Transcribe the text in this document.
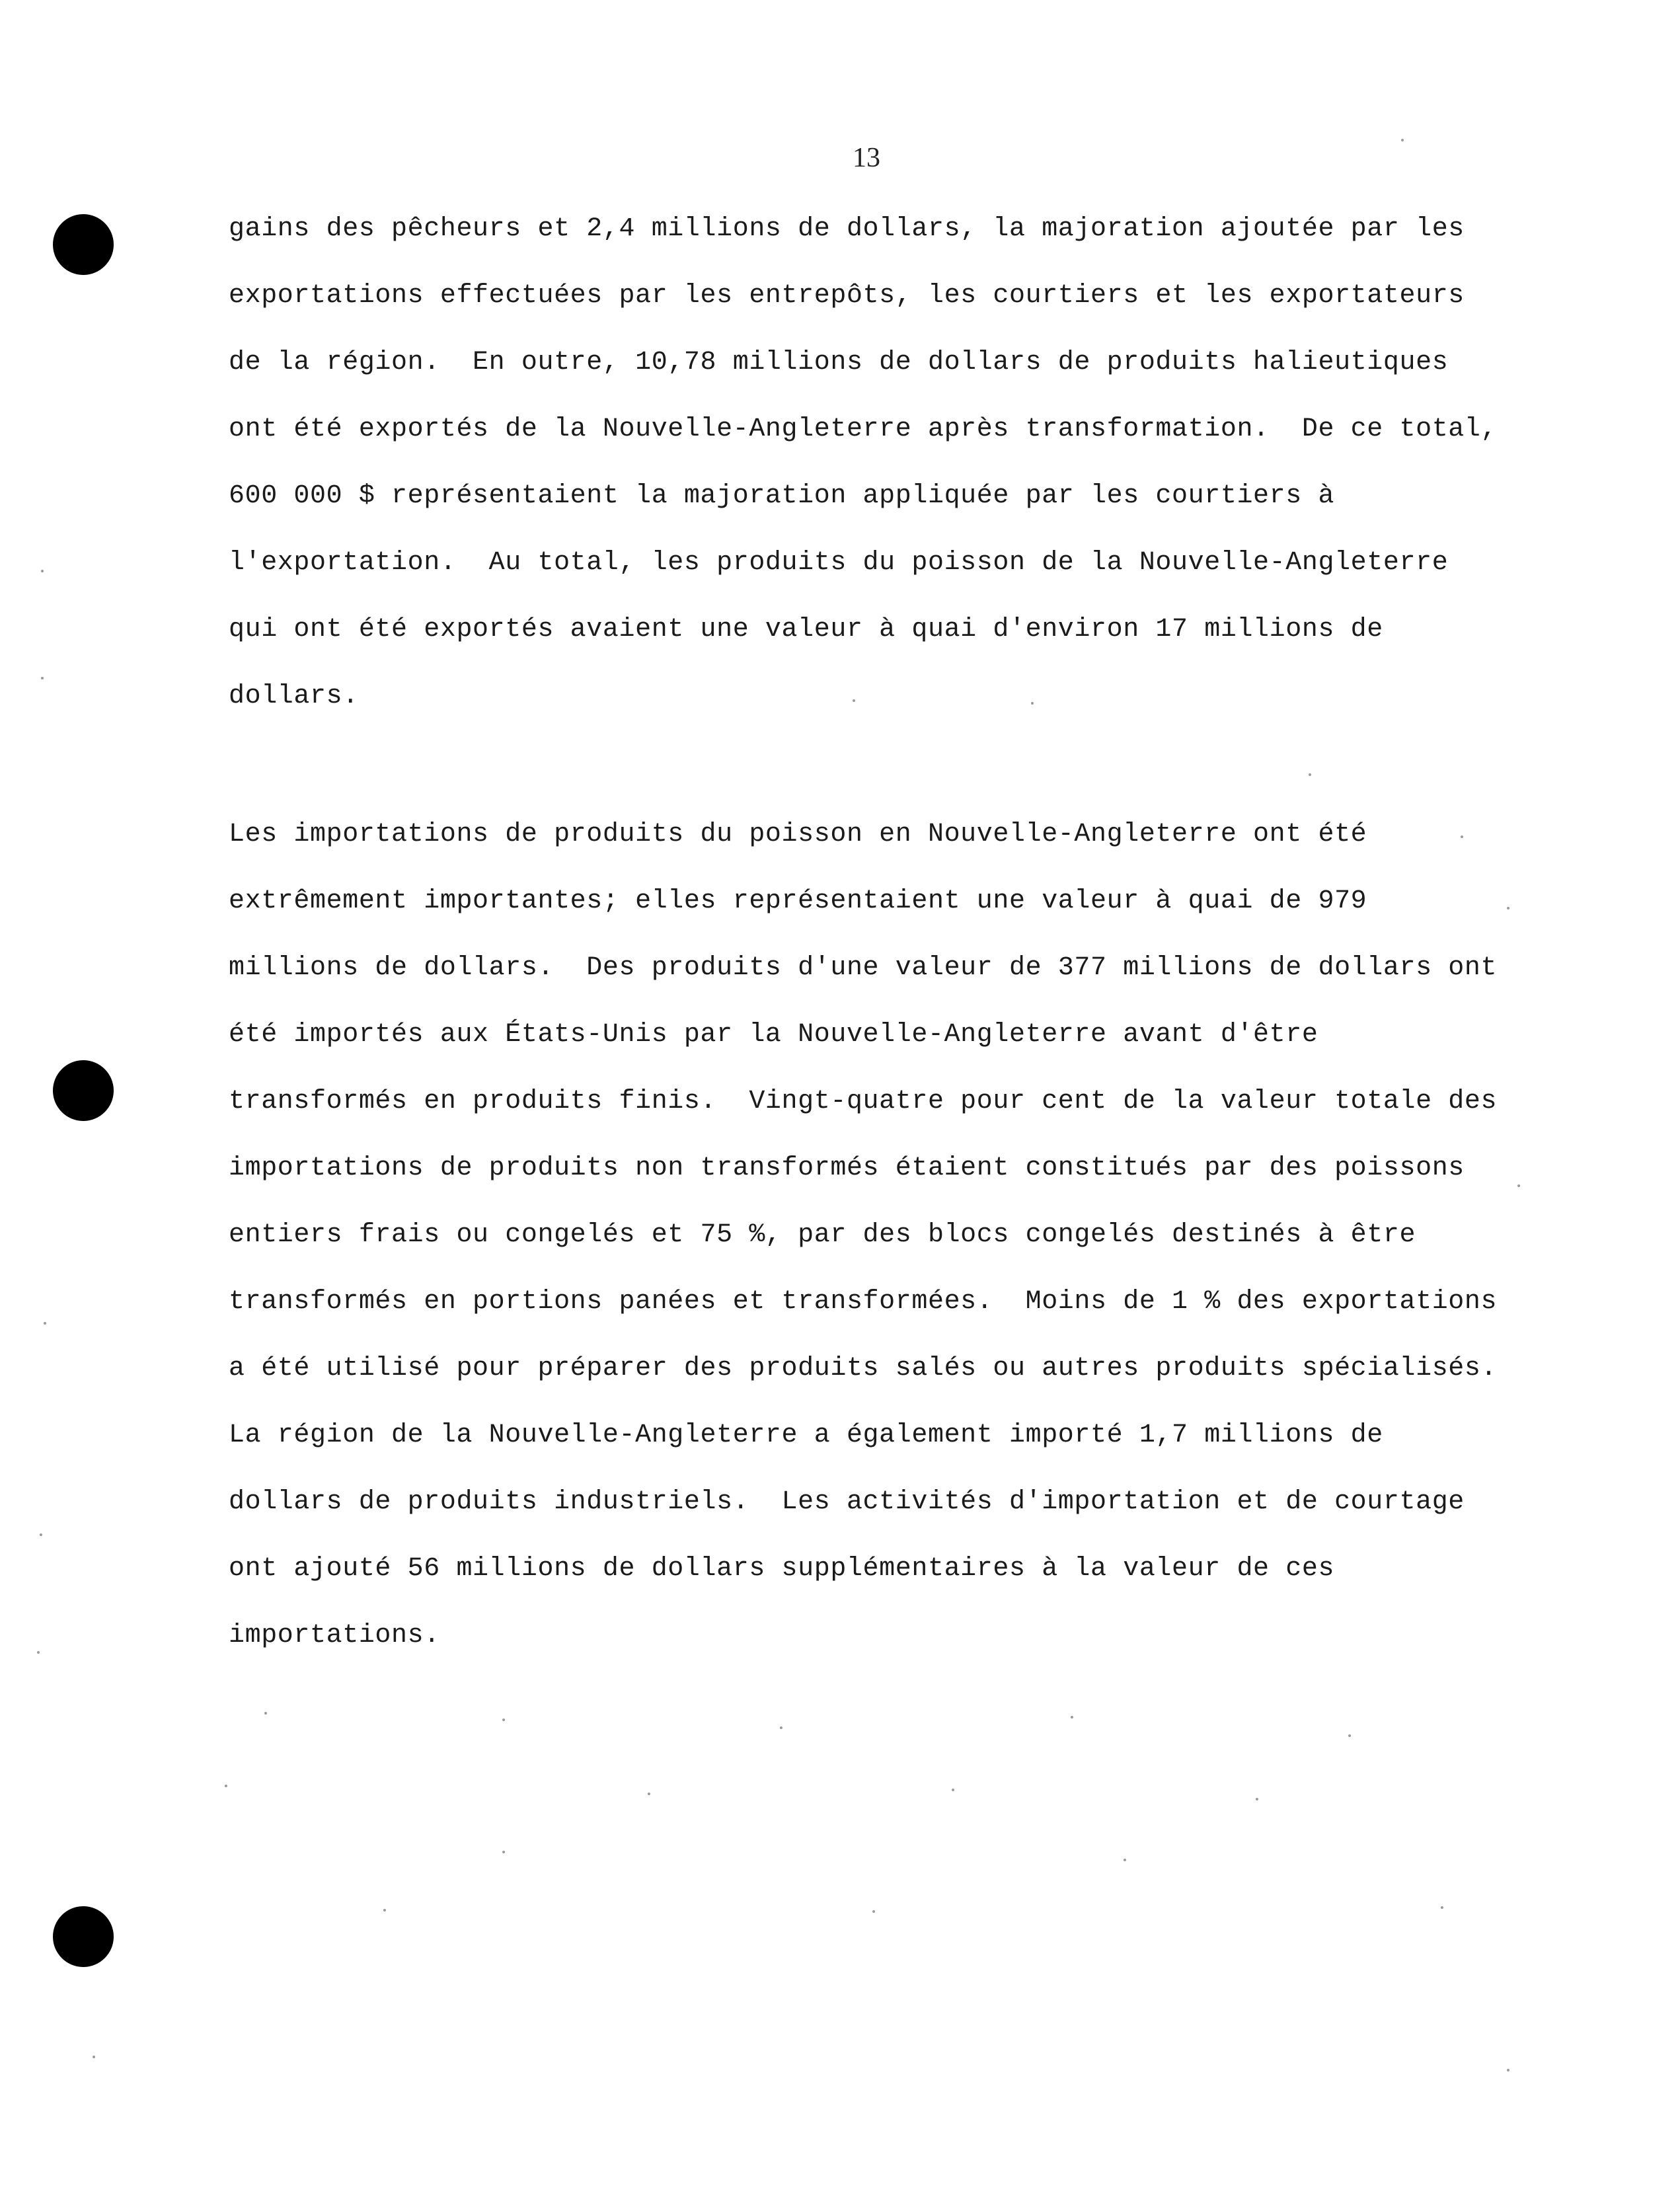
13
gains des pêcheurs et 2,4 millions de dollars, la majoration ajoutée par les
exportations effectuées par les entrepôts, les courtiers et les exportateurs
de la région.  En outre, 10,78 millions de dollars de produits halieutiques
ont été exportés de la Nouvelle-Angleterre après transformation.  De ce total,
600 000 $ représentaient la majoration appliquée par les courtiers à
l'exportation.  Au total, les produits du poisson de la Nouvelle-Angleterre
qui ont été exportés avaient une valeur à quai d'environ 17 millions de
dollars.
Les importations de produits du poisson en Nouvelle-Angleterre ont été
extrêmement importantes; elles représentaient une valeur à quai de 979
millions de dollars.  Des produits d'une valeur de 377 millions de dollars ont
été importés aux États-Unis par la Nouvelle-Angleterre avant d'être
transformés en produits finis.  Vingt-quatre pour cent de la valeur totale des
importations de produits non transformés étaient constitués par des poissons
entiers frais ou congelés et 75 %, par des blocs congelés destinés à être
transformés en portions panées et transformées.  Moins de 1 % des exportations
a été utilisé pour préparer des produits salés ou autres produits spécialisés.
La région de la Nouvelle-Angleterre a également importé 1,7 millions de
dollars de produits industriels.  Les activités d'importation et de courtage
ont ajouté 56 millions de dollars supplémentaires à la valeur de ces
importations.
